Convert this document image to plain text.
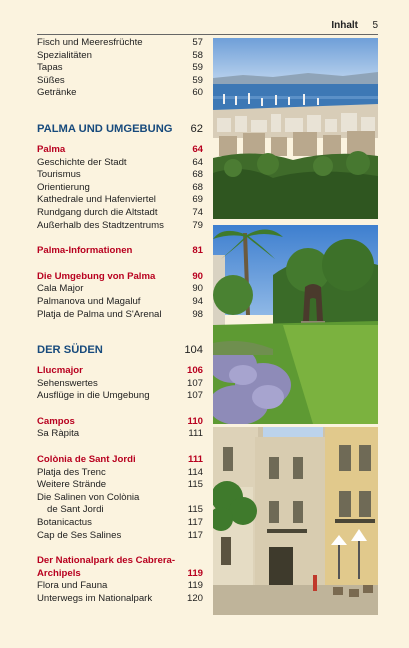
Inhalt 5
Fisch und Meeresfrüchte	57
Spezialitäten	58
Tapas	59
Süßes	59
Getränke	60
PALMA UND UMGEBUNG 62
Palma	64
Geschichte der Stadt	64
Tourismus	68
Orientierung	68
Kathedrale und Hafenviertel	69
Rundgang durch die Altstadt	74
Außerhalb des Stadtzentrums	79
Palma-Informationen	81
Die Umgebung von Palma	90
Cala Major	90
Palmanova und Magaluf	94
Platja de Palma und S'Arenal	98
DER SÜDEN	104
Llucmajor	106
Sehenswertes	107
Ausflüge in die Umgebung	107
Campos	110
Sa Ràpita	111
Colònia de Sant Jordi	111
Platja des Trenc	114
Weitere Strände	115
Die Salinen von Colònia
de Sant Jordi	115
Botanicactus	117
Cap de Ses Salines	117
Der Nationalpark des Cabrera-
Archipels	119
Flora und Fauna	119
Unterwegs im Nationalpark	120
